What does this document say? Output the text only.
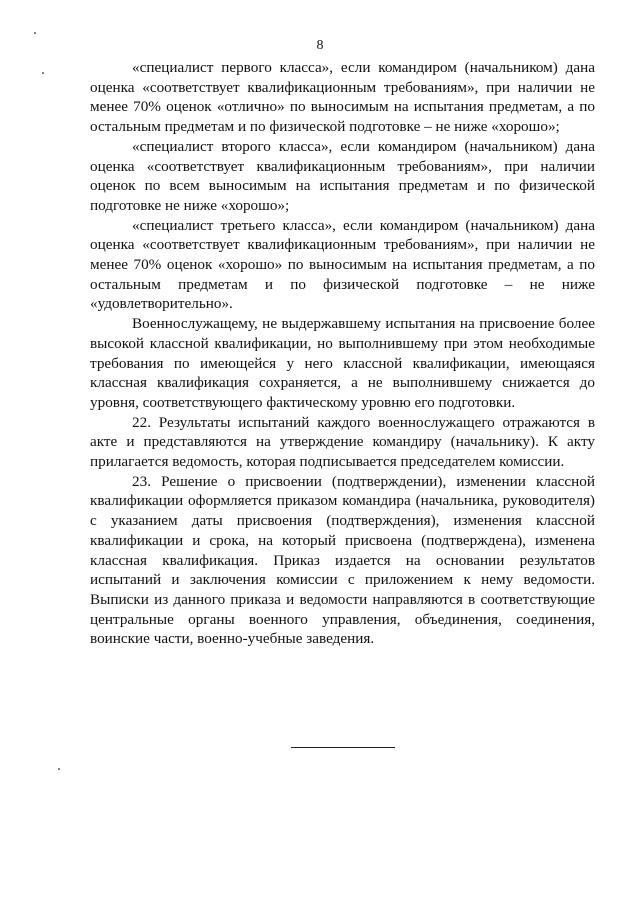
8

«специалист первого класса», если командиром (начальником) дана оценка «соответствует квалификационным требованиям», при наличии не менее 70% оценок «отлично» по выносимым на испытания предметам, а по остальным предметам и по физической подготовке – не ниже «хорошо»;

«специалист второго класса», если командиром (начальником) дана оценка «соответствует квалификационным требованиям», при наличии оценок по всем выносимым на испытания предметам и по физической подготовке не ниже «хорошо»;

«специалист третьего класса», если командиром (начальником) дана оценка «соответствует квалификационным требованиям», при наличии не менее 70% оценок «хорошо» по выносимым на испытания предметам, а по остальным предметам и по физической подготовке – не ниже «удовлетворительно».

Военнослужащему, не выдержавшему испытания на присвоение более высокой классной квалификации, но выполнившему при этом необходимые требования по имеющейся у него классной квалификации, имеющаяся классная квалификация сохраняется, а не выполнившему снижается до уровня, соответствующего фактическому уровню его подготовки.

22. Результаты испытаний каждого военнослужащего отражаются в акте и представляются на утверждение командиру (начальнику). К акту прилагается ведомость, которая подписывается председателем комиссии.

23. Решение о присвоении (подтверждении), изменении классной квалификации оформляется приказом командира (начальника, руководителя) с указанием даты присвоения (подтверждения), изменения классной квалификации и срока, на который присвоена (подтверждена), изменена классная квалификация. Приказ издается на основании результатов испытаний и заключения комиссии с приложением к нему ведомости. Выписки из данного приказа и ведомости направляются в соответствующие центральные органы военного управления, объединения, соединения, воинские части, военно-учебные заведения.
